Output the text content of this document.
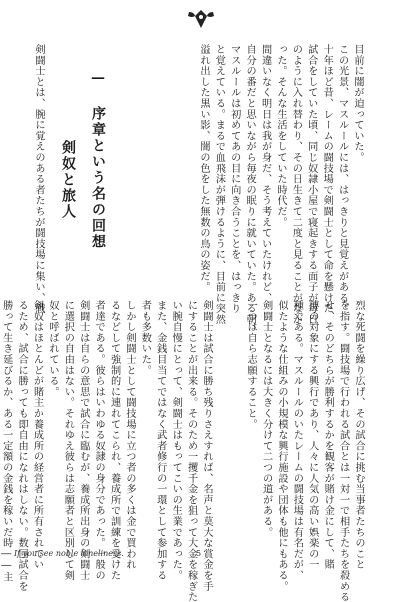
目前に闇が迫っていた。
この光景、マスルールには、はっきりと見覚えがある。
十年ほど昔、レームの闘技場で剣闘士として命を懸けた
試合をしていた頃、同じ奴隷小屋で寝起きする面子が毎日
のように入れ替わり、その日生きて二度と見ることがなか
った。そんな生活をしていた時代だ。
間違いなく明日は我が身だ、そう考えていたけれど、
自分の番だと思いながら毎夜の眠りに就いていた。ある朝、
マスルールは初めてあの目に向き合うことを、はっきり
と覚えている。まるで血飛沫が弾けるように、目前に突然
溢れ出した黒い影、闇の色をした無数の鳥の姿だ。
— 序章という名の回想
剣奴と旅人
剣闘士とは、腕に覚えのある者たちが闘技場に集い、戦
烈な死闘を繰り広げ、その試合に挑む当事者たちのこと
を指す。闘技場で行われる試合とは一対一で相手たちを殺める
せ、そのどちらが勝利するかを観客が賭け金にして、賭
博の対象にする興行であり、人々に人気の高い娯楽の一
種である。マスルールのいたレームの闘技場は有名だが、
似たような仕組みの小規模な興行施設や団体も他にもある。
剣闘士となるには大きく分けて二つの道がある。
一つは自ら志願すること。
剣闘士は試合に勝ち残りさえすれば、名声と莫大な賞金を手
にすることが出来る。そのため一攫千金を狙って大金を稼ぎた
い腕自慢にとって、剣闘士はもってこいの生業であった。
また、金銭目当てではなく武者修行の一環として参加する
者も多数いた。
しかし剣闘士として闘技場に立つ者の多くは金で買われ
るなどして強制的に連れてこられ、養成所で訓練を受けた
者達である。彼らはいわゆる奴隷の身分であった。一般の
剣闘士は自らの意思で試合に臨むが、養成所出身の剣闘士
に選択の自由はない。それゆえ彼らは志願者と区別して剣
奴と呼ばれている。
剣奴はほとんどが賭主か養成所の経営者に所有されてい
るため、試合に勝っても即自由になれはしない。数回試合を
勝って生き延びるか、ある一定額の金銭を稼いだ時――主 If you see noble loneliness.	5
